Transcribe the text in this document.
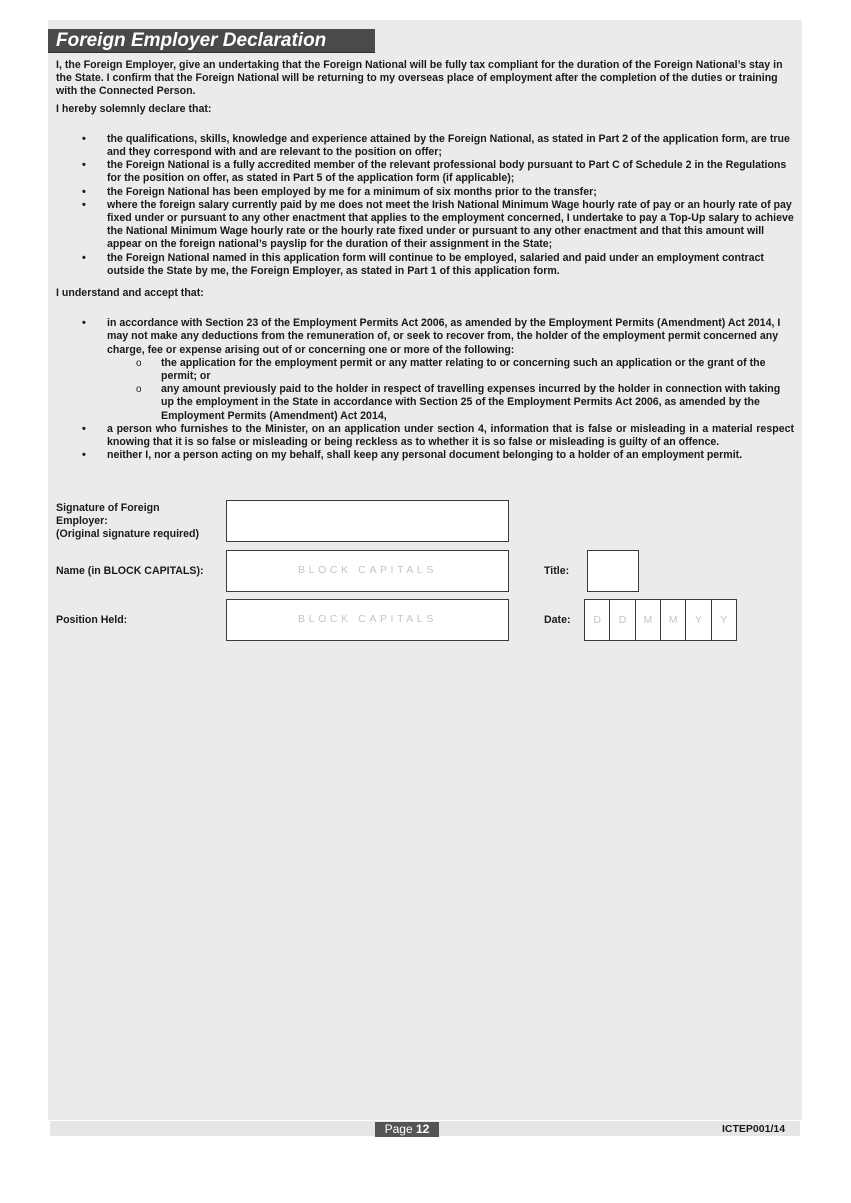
Foreign Employer Declaration

I, the Foreign Employer, give an undertaking that the Foreign National will be fully tax compliant for the duration of the Foreign National’s stay in the State. I confirm that the Foreign National will be returning to my overseas place of employment after the completion of the duties or training with the Connected Person.

I hereby solemnly declare that:

• the qualifications, skills, knowledge and experience attained by the Foreign National, as stated in Part 2 of the application form, are true and they correspond with and are relevant to the position on offer;
• the Foreign National is a fully accredited member of the relevant professional body pursuant to Part C of Schedule 2 in the Regulations for the position on offer, as stated in Part 5 of the application form (if applicable);
• the Foreign National has been employed by me for a minimum of six months prior to the transfer;
• where the foreign salary currently paid by me does not meet the Irish National Minimum Wage hourly rate of pay or an hourly rate of pay fixed under or pursuant to any other enactment that applies to the employment concerned, I undertake to pay a Top-Up salary to achieve the National Minimum Wage hourly rate or the hourly rate fixed under or pursuant to any other enactment and that this amount will appear on the foreign national’s payslip for the duration of their assignment in the State;
• the Foreign National named in this application form will continue to be employed, salaried and paid under an employment contract outside the State by me, the Foreign Employer, as stated in Part 1 of this application form.

I understand and accept that:

• in accordance with Section 23 of the Employment Permits Act 2006, as amended by the Employment Permits (Amendment) Act 2014, I may not make any deductions from the remuneration of, or seek to recover from, the holder of the employment permit concerned any charge, fee or expense arising out of or concerning one or more of the following:
o the application for the employment permit or any matter relating to or concerning such an application or the grant of the permit; or
o any amount previously paid to the holder in respect of travelling expenses incurred by the holder in connection with taking up the employment in the State in accordance with Section 25 of the Employment Permits Act 2006, as amended by the Employment Permits (Amendment) Act 2014,
• a person who furnishes to the Minister, on an application under section 4, information that is false or misleading in a material respect knowing that it is so false or misleading or being reckless as to whether it is so false or misleading is guilty of an offence.
• neither I, nor a person acting on my behalf, shall keep any personal document belonging to a holder of an employment permit.
Signature of Foreign
Employer:
(Original signature required)
Name (in BLOCK CAPITALS):	BLOCK CAPITALS	Title:
Position Held:	BLOCK CAPITALS	Date:	D	D	M	M	Y	Y
Page 12	ICTEP001/14
